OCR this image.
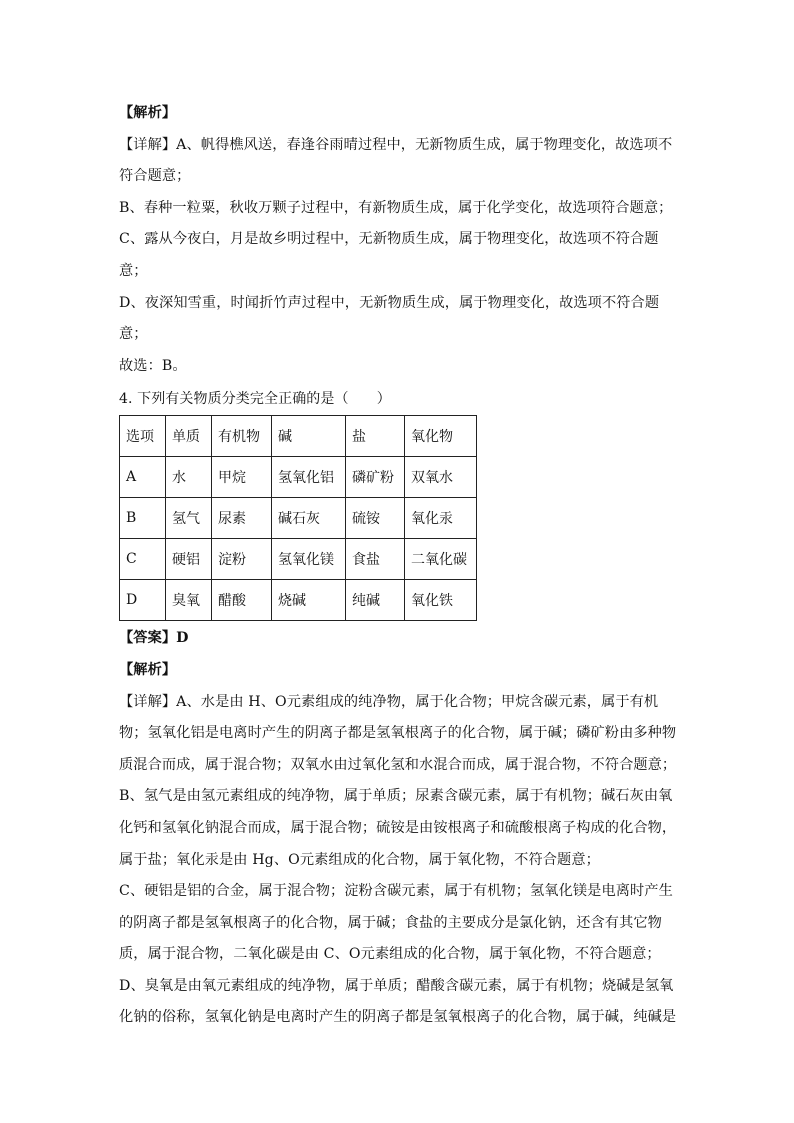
【解析】
【详解】A、帆得樵风送，春逢谷雨晴过程中，无新物质生成，属于物理变化，故选项不
符合题意；
B、春种一粒粟，秋收万颗子过程中，有新物质生成，属于化学变化，故选项符合题意；
C、露从今夜白，月是故乡明过程中，无新物质生成，属于物理变化，故选项不符合题
意；
D、夜深知雪重，时闻折竹声过程中，无新物质生成，属于物理变化，故选项不符合题
意；
故选：B。
4. 下列有关物质分类完全正确的是（　　）
选项	单质	有机物	碱	盐	氧化物
A	水	甲烷	氢氧化铝	磷矿粉	双氧水
B	氢气	尿素	碱石灰	硫铵	氧化汞
C	硬铝	淀粉	氢氧化镁	食盐	二氧化碳
D	臭氧	醋酸	烧碱	纯碱	氧化铁
【答案】D
【解析】
【详解】A、水是由 H、O元素组成的纯净物，属于化合物；甲烷含碳元素，属于有机
物；氢氧化铝是电离时产生的阴离子都是氢氧根离子的化合物，属于碱；磷矿粉由多种物
质混合而成，属于混合物；双氧水由过氧化氢和水混合而成，属于混合物，不符合题意；
B、氢气是由氢元素组成的纯净物，属于单质；尿素含碳元素，属于有机物；碱石灰由氧
化钙和氢氧化钠混合而成，属于混合物；硫铵是由铵根离子和硫酸根离子构成的化合物，
属于盐；氧化汞是由 Hg、O元素组成的化合物，属于氧化物，不符合题意；
C、硬铝是铝的合金，属于混合物；淀粉含碳元素，属于有机物；氢氧化镁是电离时产生
的阴离子都是氢氧根离子的化合物，属于碱；食盐的主要成分是氯化钠，还含有其它物
质，属于混合物，二氧化碳是由 C、O元素组成的化合物，属于氧化物，不符合题意；
D、臭氧是由氧元素组成的纯净物，属于单质；醋酸含碳元素，属于有机物；烧碱是氢氧
化钠的俗称，氢氧化钠是电离时产生的阴离子都是氢氧根离子的化合物，属于碱，纯碱是
